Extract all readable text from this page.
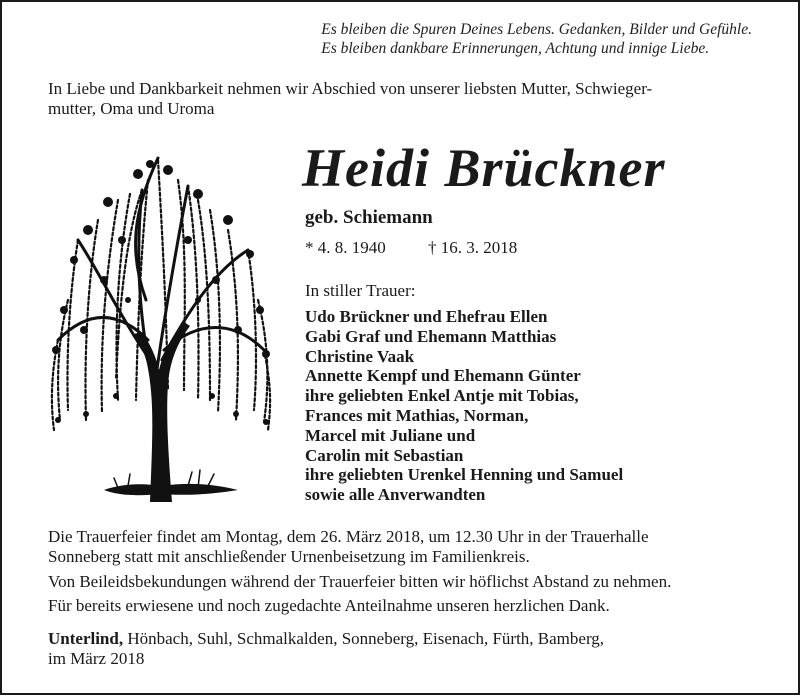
Es bleiben die Spuren Deines Lebens. Gedanken, Bilder und Gefühle.
Es bleiben dankbare Erinnerungen, Achtung und innige Liebe.
In Liebe und Dankbarkeit nehmen wir Abschied von unserer liebsten Mutter, Schwieger-
mutter, Oma und Uroma
Heidi Brückner
geb. Schiemann
* 4. 8. 1940 † 16. 3. 2018
In stiller Trauer:
Udo Brückner und Ehefrau Ellen
Gabi Graf und Ehemann Matthias
Christine Vaak
Annette Kempf und Ehemann Günter
ihre geliebten Enkel Antje mit Tobias,
Frances mit Mathias, Norman,
Marcel mit Juliane und
Carolin mit Sebastian
ihre geliebten Urenkel Henning und Samuel
sowie alle Anverwandten
Die Trauerfeier findet am Montag, dem 26. März 2018, um 12.30 Uhr in der Trauerhalle
Sonneberg statt mit anschließender Urnenbeisetzung im Familienkreis.
Von Beileidsbekundungen während der Trauerfeier bitten wir höflichst Abstand zu nehmen.
Für bereits erwiesene und noch zugedachte Anteilnahme unseren herzlichen Dank.
Unterlind, Hönbach, Suhl, Schmalkalden, Sonneberg, Eisenach, Fürth, Bamberg,
im März 2018
